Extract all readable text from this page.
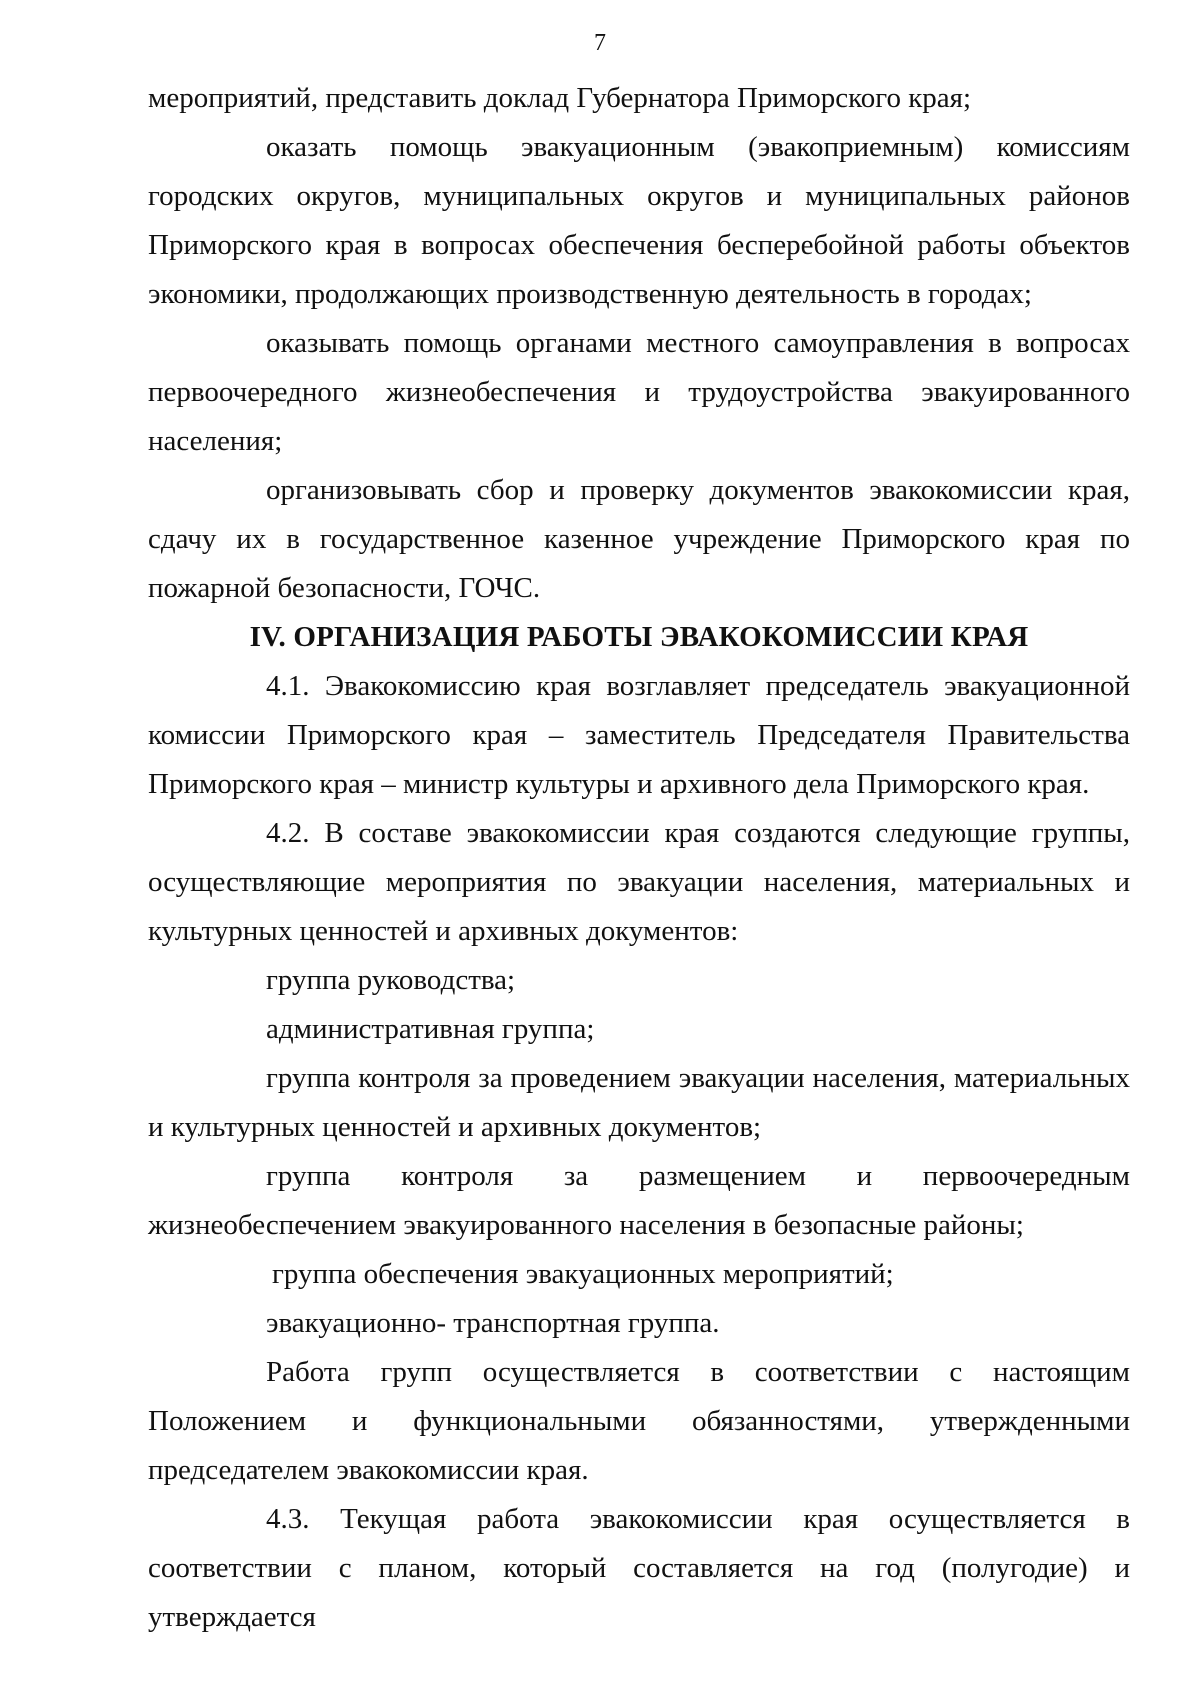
7

мероприятий, представить доклад Губернатора Приморского края;

оказать помощь эвакуационным (эвакоприемным) комиссиям городских округов, муниципальных округов и муниципальных районов Приморского края в вопросах обеспечения бесперебойной работы объектов экономики, продолжающих производственную деятельность в городах;

оказывать помощь органами местного самоуправления в вопросах первоочередного жизнеобеспечения и трудоустройства эвакуированного населения;

организовывать сбор и проверку документов эвакокомиссии края, сдачу их в государственное казенное учреждение Приморского края по пожарной безопасности, ГОЧС.

IV. ОРГАНИЗАЦИЯ РАБОТЫ ЭВАКОКОМИССИИ КРАЯ

4.1. Эвакокомиссию края возглавляет председатель эвакуационной комиссии Приморского края – заместитель Председателя Правительства Приморского края – министр культуры и архивного дела Приморского края.

4.2. В составе эвакокомиссии края создаются следующие группы, осуществляющие мероприятия по эвакуации населения, материальных и культурных ценностей и архивных документов:

группа руководства;

административная группа;

группа контроля за проведением эвакуации населения, материальных и культурных ценностей и архивных документов;

группа контроля за размещением и первоочередным жизнеобеспечением эвакуированного населения в безопасные районы;

группа обеспечения эвакуационных мероприятий;

эвакуационно- транспортная группа.

Работа групп осуществляется в соответствии с настоящим Положением и функциональными обязанностями, утвержденными председателем эвакокомиссии края.

4.3. Текущая работа эвакокомиссии края осуществляется в соответствии с планом, который составляется на год (полугодие) и утверждается
